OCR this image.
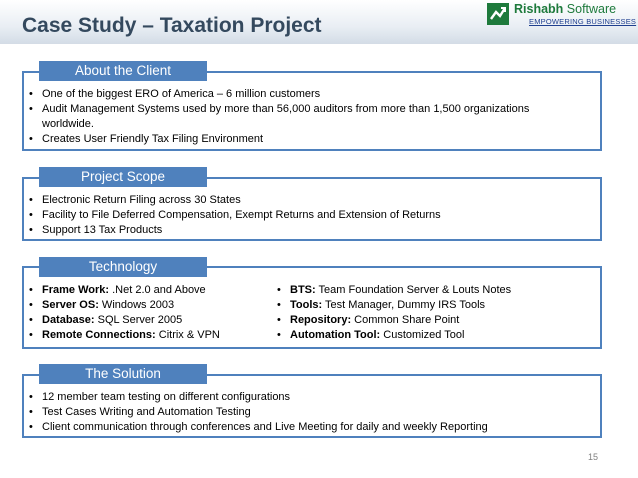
Case Study – Taxation Project
Rishabh Software
EMPOWERING BUSINESSES
• One of the biggest ERO of America – 6 million customers
• Audit Management Systems used by more than 56,000 auditors from more than 1,500 organizations worldwide.
• Creates User Friendly Tax Filing Environment
About the Client
• Electronic Return Filing across 30 States
• Facility to File Deferred Compensation, Exempt Returns and Extension of Returns
• Support 13 Tax Products
Project Scope
• Frame Work: .Net 2.0 and Above
• Server OS: Windows 2003
• Database: SQL Server 2005
• Remote Connections: Citrix & VPN
• BTS: Team Foundation Server & Louts Notes
• Tools: Test Manager, Dummy IRS Tools
• Repository: Common Share Point
• Automation Tool: Customized Tool
Technology
• 12 member team testing on different configurations
• Test Cases Writing and Automation Testing
• Client communication through conferences and Live Meeting for daily and weekly Reporting
The Solution
15
